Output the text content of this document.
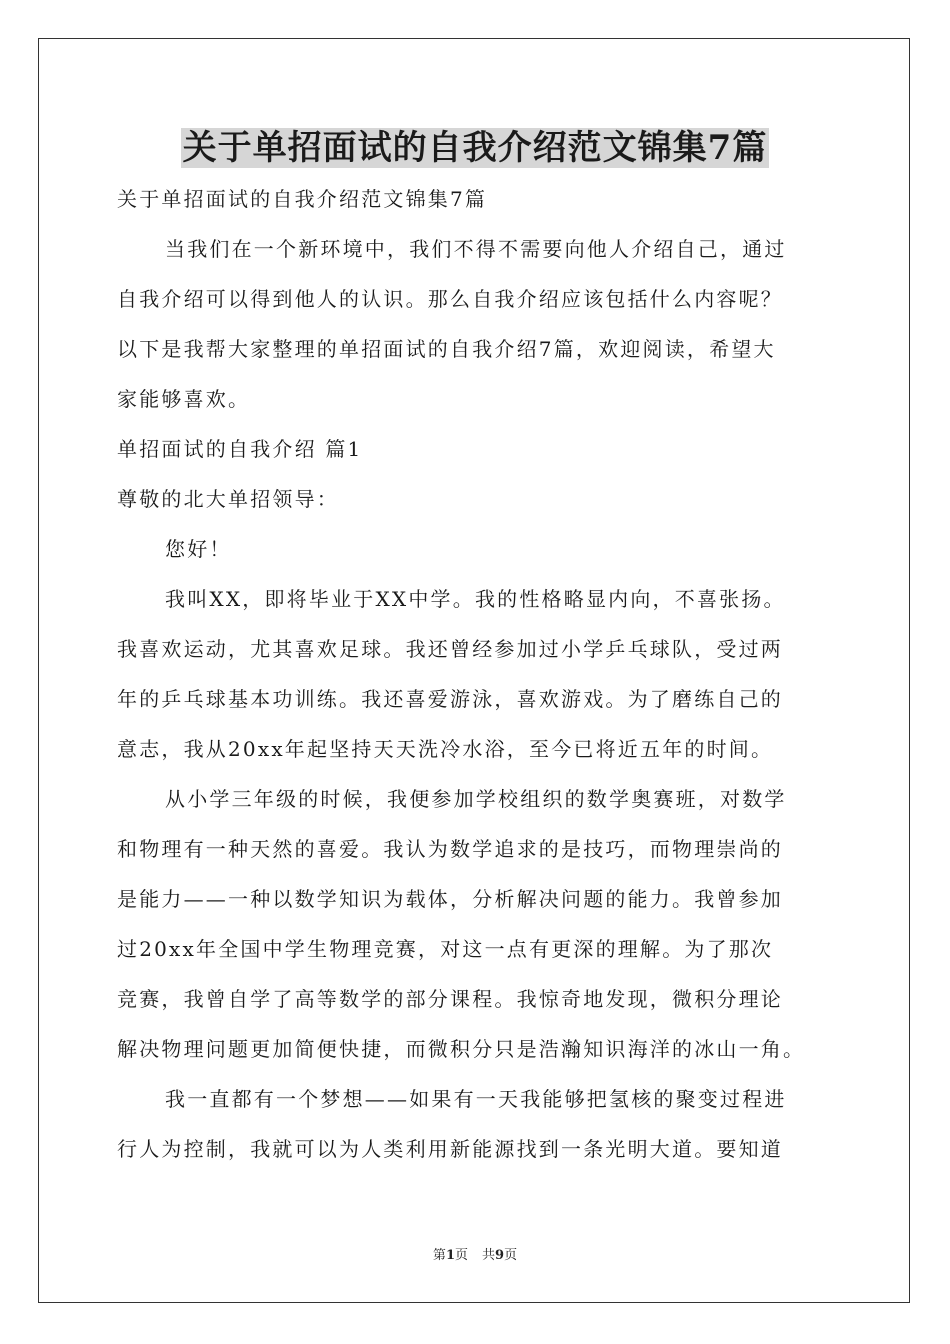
关于单招面试的自我介绍范文锦集7篇

关于单招面试的自我介绍范文锦集7篇

当我们在一个新环境中，我们不得不需要向他人介绍自己，通过

自我介绍可以得到他人的认识。那么自我介绍应该包括什么内容呢？

以下是我帮大家整理的单招面试的自我介绍7篇，欢迎阅读，希望大

家能够喜欢。

单招面试的自我介绍 篇1

尊敬的北大单招领导：

您好！

我叫XX，即将毕业于XX中学。我的性格略显内向，不喜张扬。

我喜欢运动，尤其喜欢足球。我还曾经参加过小学乒乓球队，受过两

年的乒乓球基本功训练。我还喜爱游泳，喜欢游戏。为了磨练自己的

意志，我从20xx年起坚持天天洗冷水浴，至今已将近五年的时间。

从小学三年级的时候，我便参加学校组织的数学奥赛班，对数学

和物理有一种天然的喜爱。我认为数学追求的是技巧，而物理崇尚的

是能力——一种以数学知识为载体，分析解决问题的能力。我曾参加

过20xx年全国中学生物理竞赛，对这一点有更深的理解。为了那次

竞赛，我曾自学了高等数学的部分课程。我惊奇地发现，微积分理论

解决物理问题更加简便快捷，而微积分只是浩瀚知识海洋的冰山一角。

我一直都有一个梦想——如果有一天我能够把氢核的聚变过程进

行人为控制，我就可以为人类利用新能源找到一条光明大道。要知道

第1页 共9页
